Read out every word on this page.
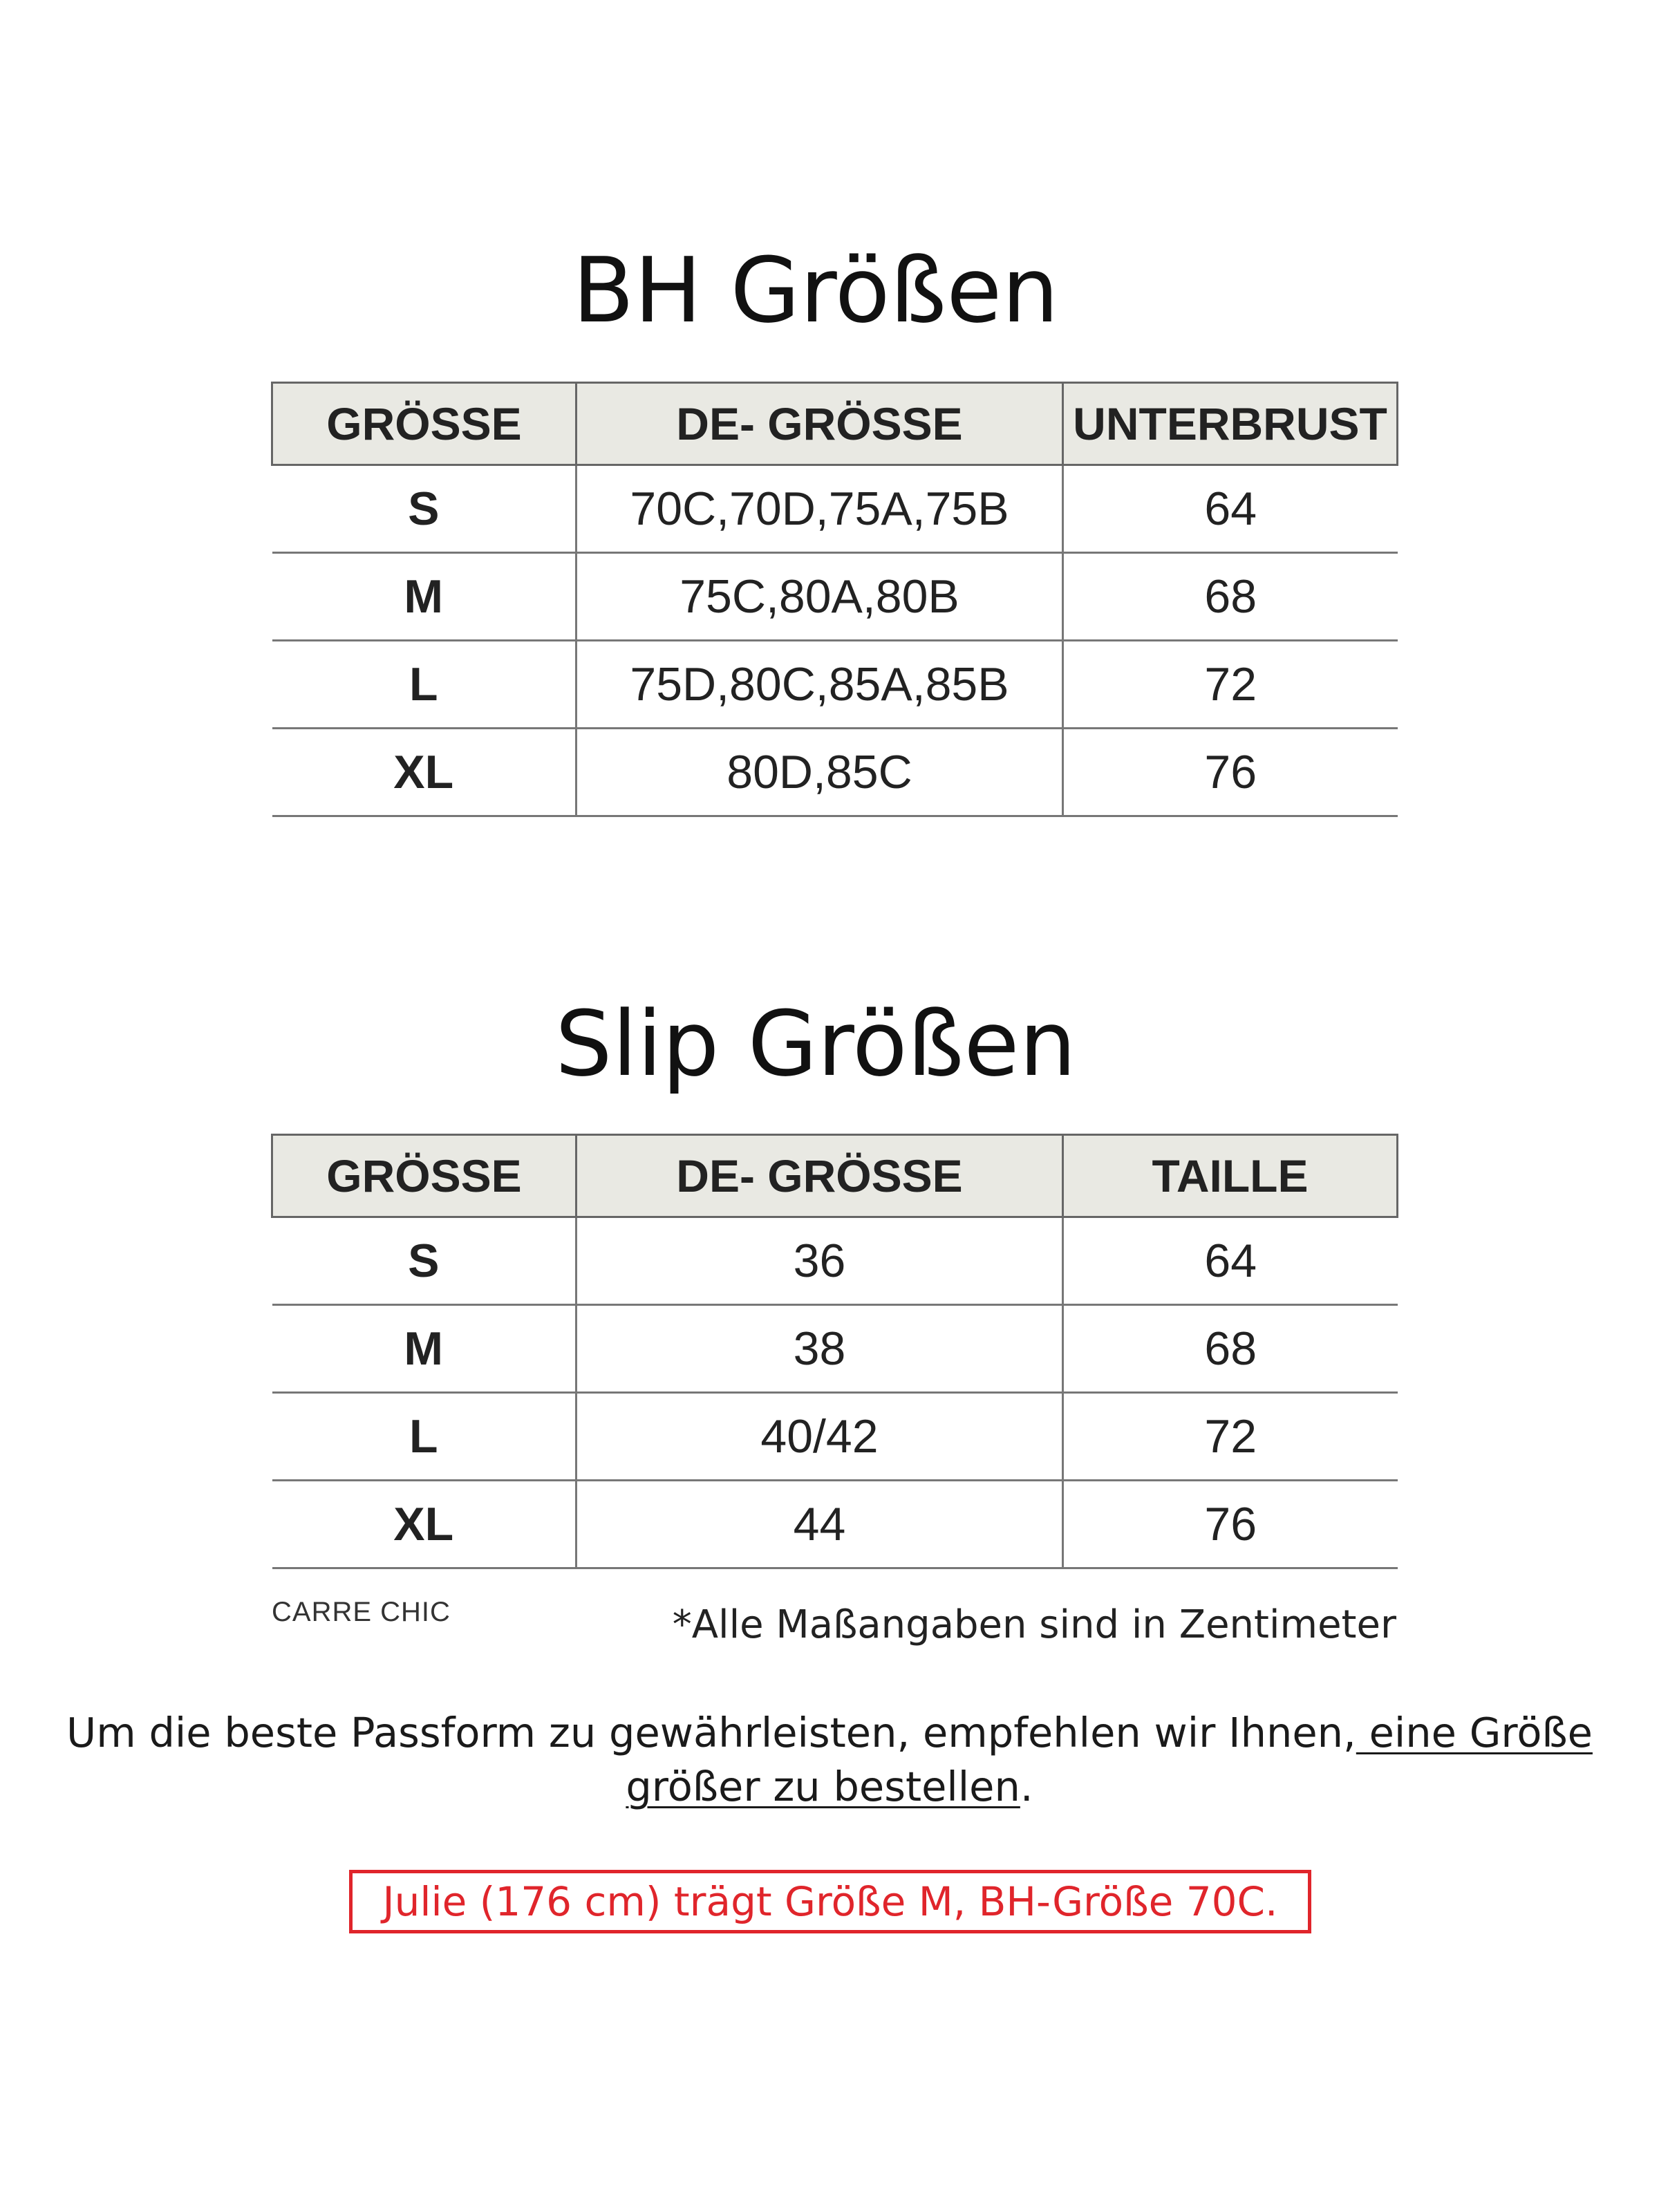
BH Größen
GRÖSSE	DE- GRÖSSE	UNTERBRUST
S	70C,70D,75A,75B	64
M	75C,80A,80B	68
L	75D,80C,85A,85B	72
XL	80D,85C	76
Slip Größen
GRÖSSE	DE- GRÖSSE	TAILLE
S	36	64
M	38	68
L	40/42	72
XL	44	76
CARRE CHIC	*Alle Maßangaben sind in Zentimeter

Um die beste Passform zu gewährleisten, empfehlen wir Ihnen, eine Größe größer zu bestellen.

Julie (176 cm) trägt Größe M, BH-Größe 70C.
